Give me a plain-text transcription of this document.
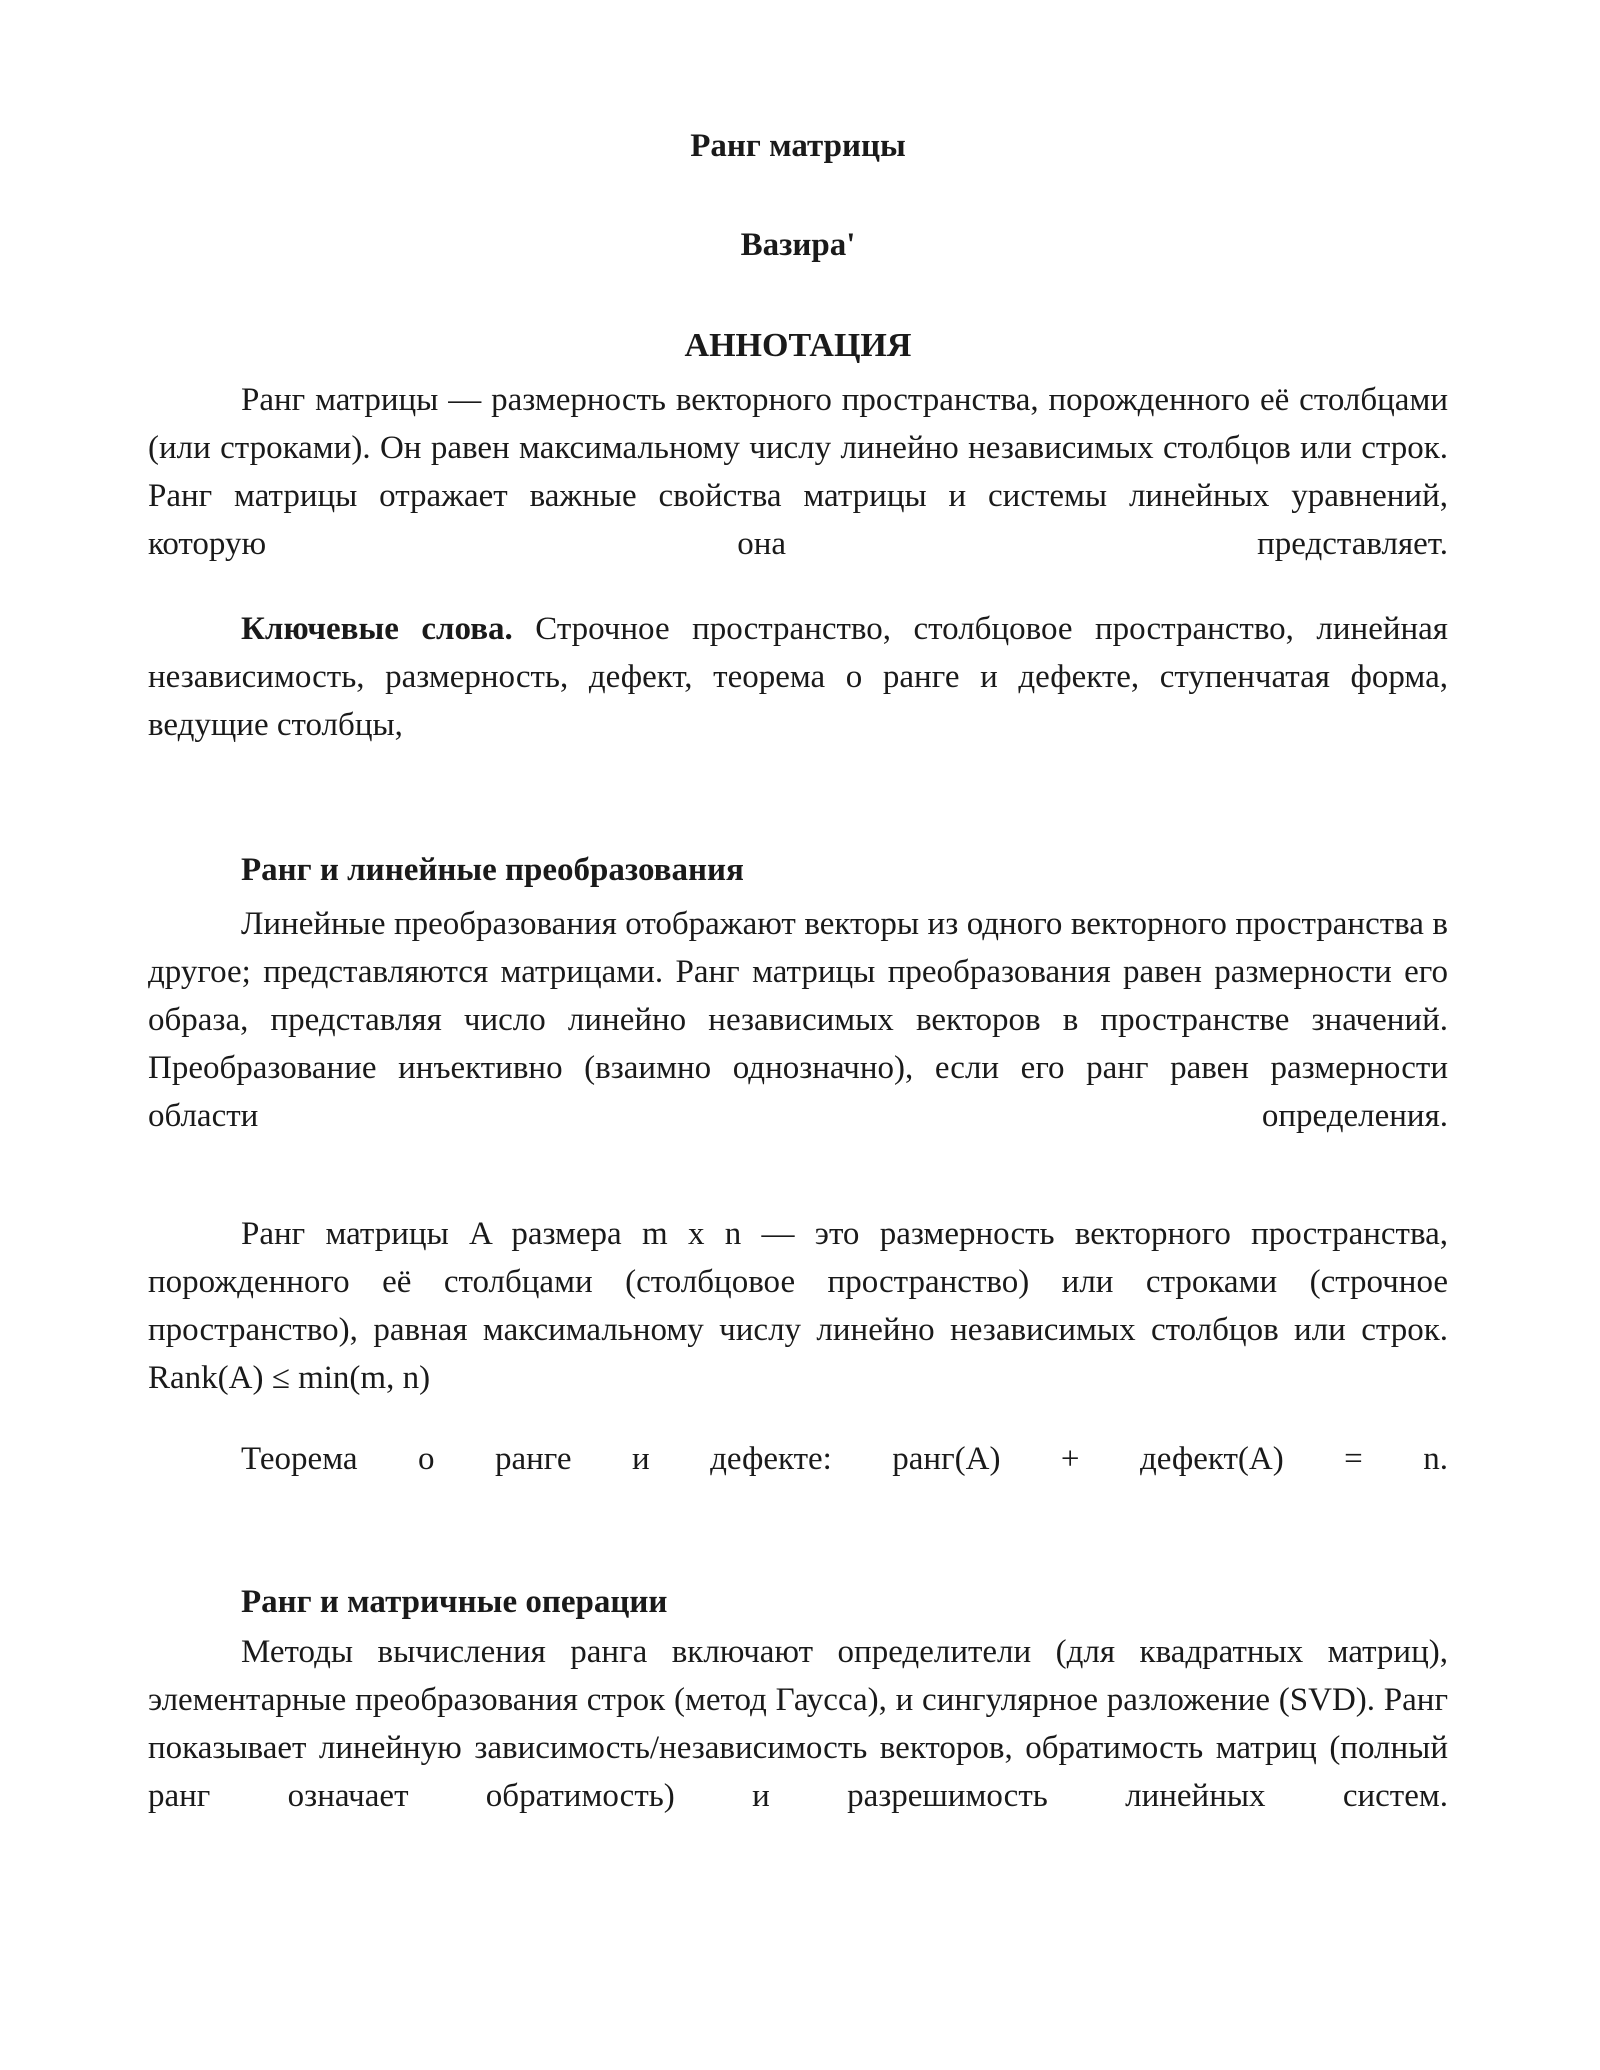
Ранг матрицы

Вазира'

АННОТАЦИЯ

Ранг матрицы — размерность векторного пространства, порожденного её столбцами (или строками). Он равен максимальному числу линейно независимых столбцов или строк. Ранг матрицы отражает важные свойства матрицы и системы линейных уравнений, которую она представляет.

Ключевые слова. Строчное пространство, столбцовое пространство, линейная независимость, размерность, дефект, теорема о ранге и дефекте, ступенчатая форма, ведущие столбцы,

Ранг и линейные преобразования

Линейные преобразования отображают векторы из одного векторного пространства в другое; представляются матрицами. Ранг матрицы преобразования равен размерности его образа, представляя число линейно независимых векторов в пространстве значений. Преобразование инъективно (взаимно однозначно), если его ранг равен размерности области определения.

Ранг матрицы A размера m x n — это размерность векторного пространства, порожденного её столбцами (столбцовое пространство) или строками (строчное пространство), равная максимальному числу линейно независимых столбцов или строк. Rank(A) ≤ min(m, n)

Теорема о ранге и дефекте: ранг(A) + дефект(A) = n.

Ранг и матричные операции

Методы вычисления ранга включают определители (для квадратных матриц), элементарные преобразования строк (метод Гаусса), и сингулярное разложение (SVD). Ранг показывает линейную зависимость/независимость векторов, обратимость матриц (полный ранг означает обратимость) и разрешимость линейных систем.
